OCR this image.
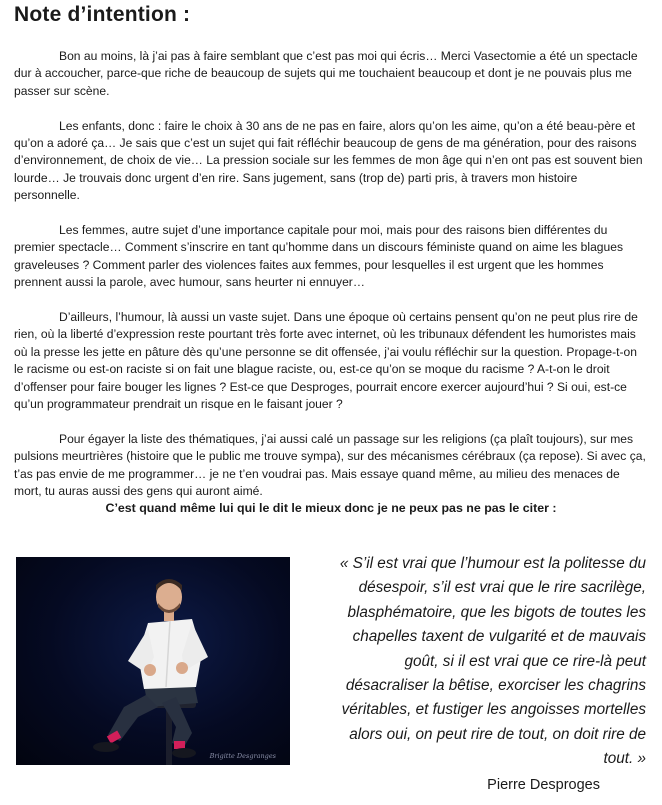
Note d’intention :

Bon au moins, là j’ai pas à faire semblant que c’est pas moi qui écris… Merci Vasectomie a été un spectacle dur à accoucher, parce-que riche de beaucoup de sujets qui me touchaient beaucoup et dont je ne pouvais plus me passer sur scène.

Les enfants, donc : faire le choix à 30 ans de ne pas en faire, alors qu’on les aime, qu’on a été beau-père et qu’on a adoré ça… Je sais que c’est un sujet qui fait réfléchir beaucoup de gens de ma génération, pour des raisons d’environnement, de choix de vie… La pression sociale sur les femmes de mon âge qui n’en ont pas est souvent bien lourde… Je trouvais donc urgent d’en rire. Sans jugement, sans (trop de) parti pris, à travers mon histoire personnelle.

Les femmes, autre sujet d’une importance capitale pour moi, mais pour des raisons bien différentes du premier spectacle… Comment s’inscrire en tant qu’homme dans un discours féministe quand on aime les blagues graveleuses ? Comment parler des violences faites aux femmes, pour lesquelles il est urgent que les hommes prennent aussi la parole, avec humour, sans heurter ni ennuyer…

D’ailleurs, l’humour, là aussi un vaste sujet. Dans une époque où certains pensent qu’on ne peut plus rire de rien, où la liberté d’expression reste pourtant très forte avec internet, où les tribunaux défendent les humoristes mais où la presse les jette en pâture dès qu’une personne se dit offensée, j’ai voulu réfléchir sur la question. Propage-t-on le racisme ou est-on raciste si on fait une blague raciste, ou, est-ce qu’on se moque du racisme ? A-t-on le droit d’offenser pour faire bouger les lignes ? Est-ce que Desproges, pourrait encore exercer aujourd’hui ? Si oui, est-ce qu’un programmateur prendrait un risque en le faisant jouer ?

Pour égayer la liste des thématiques, j’ai aussi calé un passage sur les religions (ça plaît toujours), sur mes pulsions meurtrières (histoire que le public me trouve sympa), sur des mécanismes cérébraux (ça repose). Si avec ça, t’as pas envie de me programmer… je ne t’en voudrai pas. Mais essaye quand même, au milieu des menaces de mort, tu auras aussi des gens qui auront aimé.

C’est quand même lui qui le dit le mieux donc je ne peux pas ne pas le citer :
Brigitte Desgranges

« S’il est vrai que l’humour est la politesse du désespoir, s’il est vrai que le rire sacrilège, blasphématoire, que les bigots de toutes les chapelles taxent de vulgarité et de mauvais goût, si il est vrai que ce rire-là peut désacraliser la bêtise, exorciser les chagrins véritables, et fustiger les angoisses mortelles alors oui, on peut rire de tout, on doit rire de tout. »

Pierre Desproges
